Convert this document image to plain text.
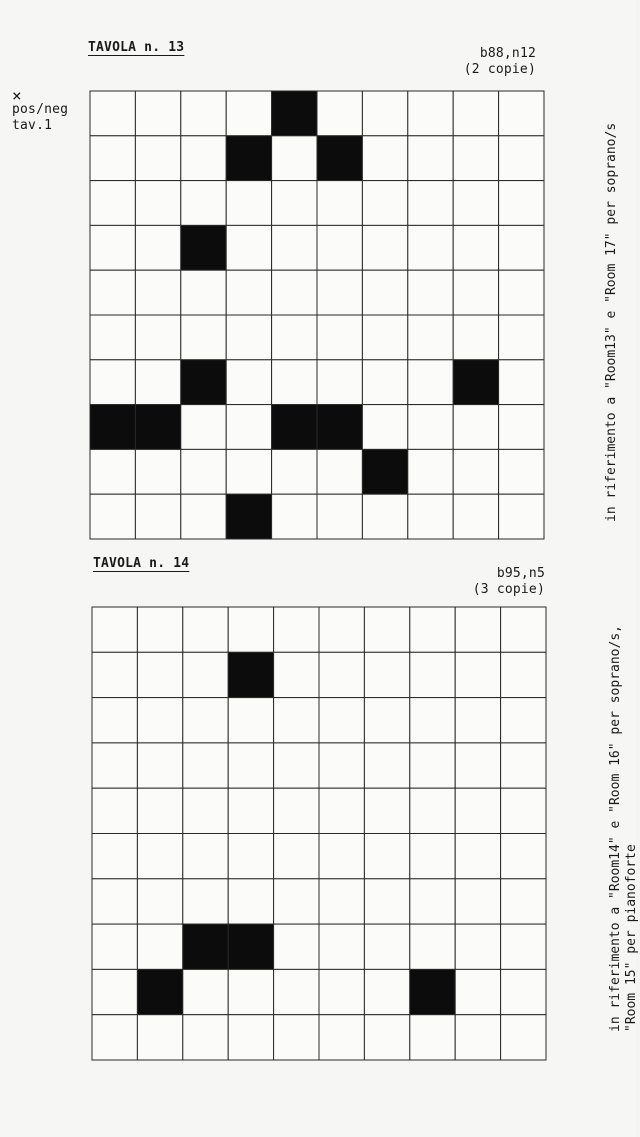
×
pos/neg
tav.1
TAVOLA n. 13	b88,n12
(2 copie)
in riferimento a "Room13" e "Room 17" per soprano/s
TAVOLA n. 14
b95,n5
(3 copie)
in riferimento a "Room14" e "Room 16" per soprano/s, "Room 15" per pianoforte
